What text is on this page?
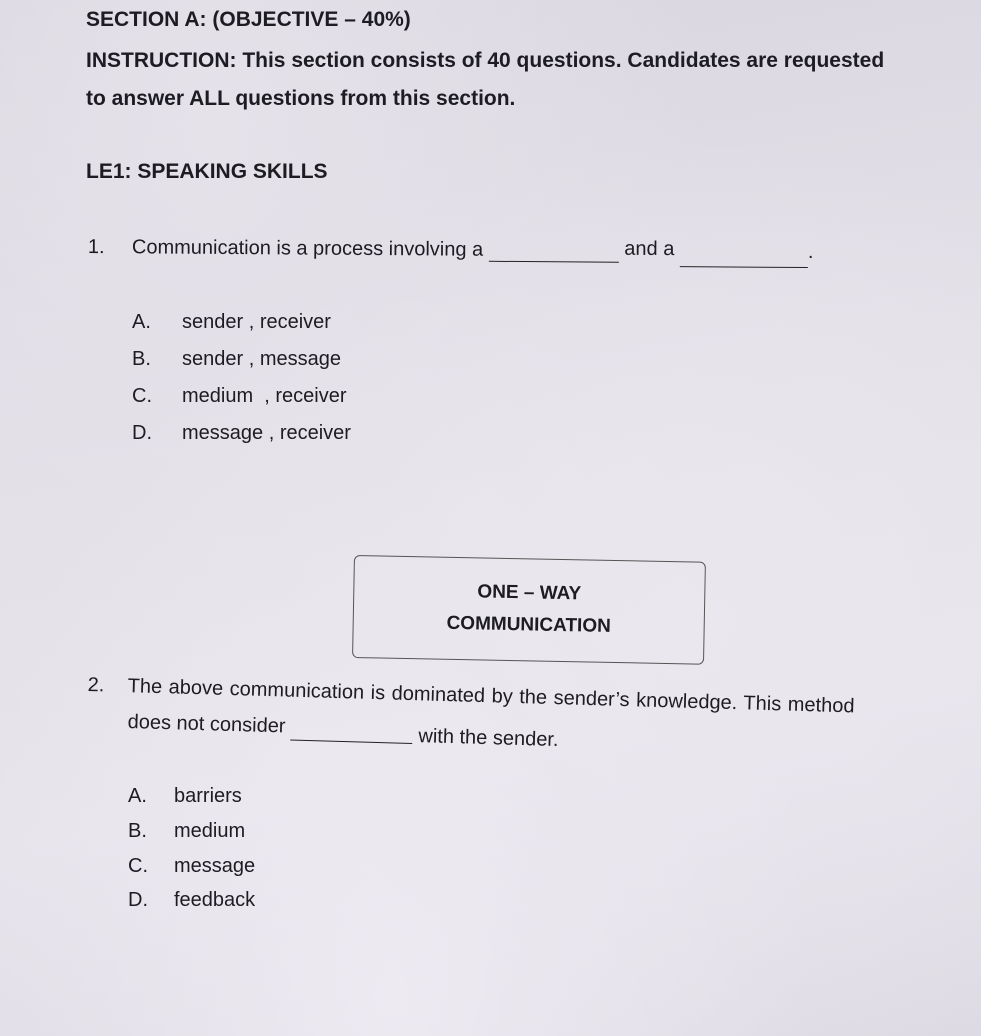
SECTION A: (OBJECTIVE – 40%)
INSTRUCTION: This section consists of 40 questions. Candidates are requested
to answer ALL questions from this section.
LE1: SPEAKING SKILLS
1. Communication is a process involving a	and a	.
A. sender , receiver
B. sender , message
C. medium  , receiver
D. message , receiver
ONE – WAY
COMMUNICATION
2. The above communication is dominated by the sender’s knowledge. This method
does not consider  with the sender.
A. barriers
B. medium
C. message
D. feedback
